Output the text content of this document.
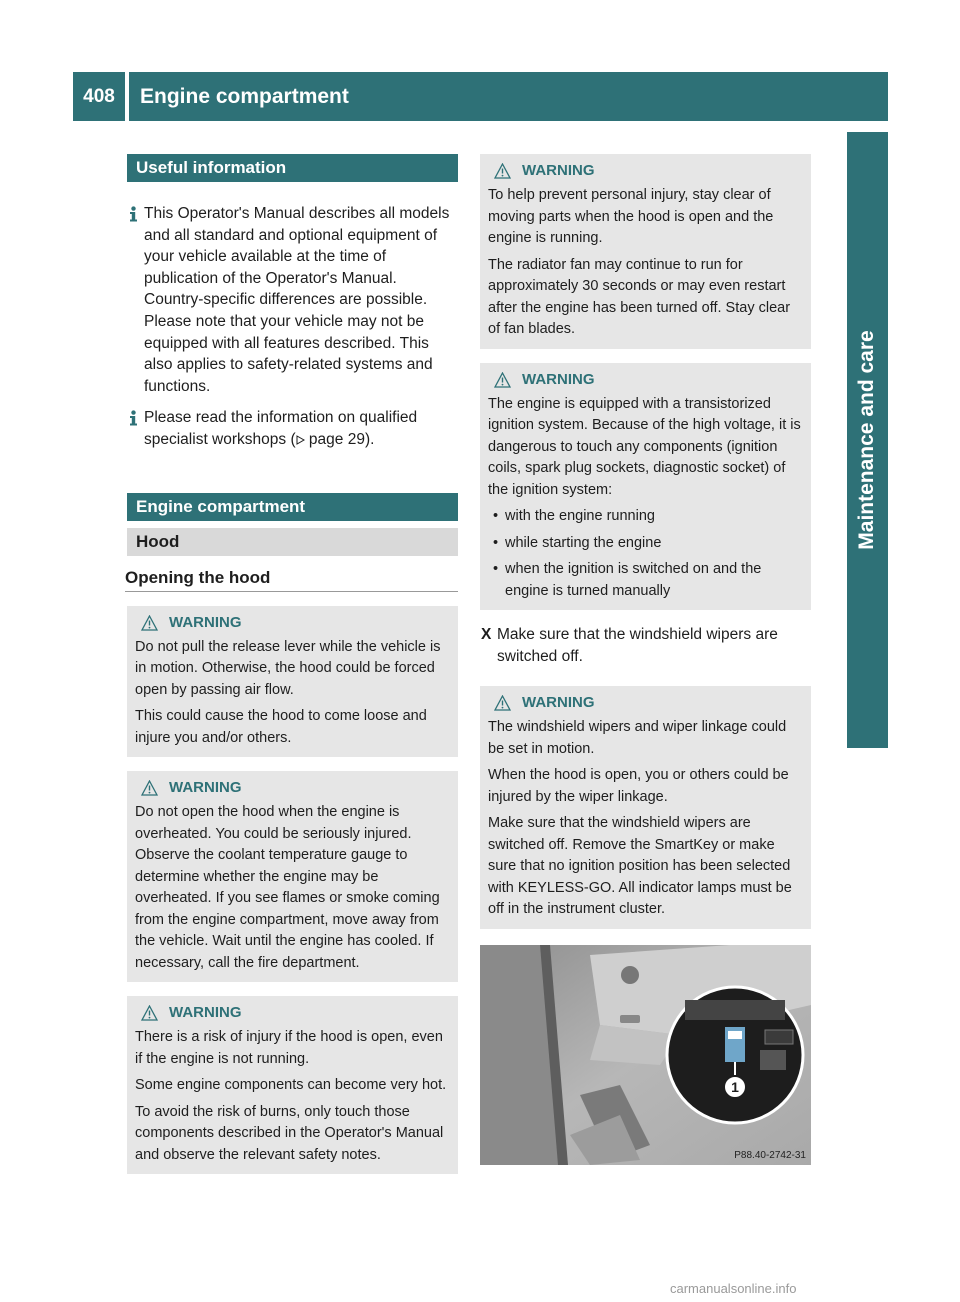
408	Engine compartment
Maintenance and care
Useful information

This Operator's Manual describes all models and all standard and optional equipment of your vehicle available at the time of publication of the Operator's Manual. Country-specific differences are possible. Please note that your vehicle may not be equipped with all features described. This also applies to safety-related systems and functions.

Please read the information on qualified specialist workshops ( page 29).

Engine compartment
Hood
Opening the hood
WARNING

Do not pull the release lever while the vehicle is in motion. Otherwise, the hood could be forced open by passing air flow.

This could cause the hood to come loose and injure you and/or others.

WARNING

Do not open the hood when the engine is overheated. You could be seriously injured. Observe the coolant temperature gauge to determine whether the engine may be overheated. If you see flames or smoke coming from the engine compartment, move away from the vehicle. Wait until the engine has cooled. If necessary, call the fire department.

WARNING

There is a risk of injury if the hood is open, even if the engine is not running.

Some engine components can become very hot.

To avoid the risk of burns, only touch those components described in the Operator's Manual and observe the relevant safety notes.

WARNING

To help prevent personal injury, stay clear of moving parts when the hood is open and the engine is running.

The radiator fan may continue to run for approximately 30 seconds or may even restart after the engine has been turned off. Stay clear of fan blades.

WARNING

The engine is equipped with a transistorized ignition system. Because of the high voltage, it is dangerous to touch any components (ignition coils, spark plug sockets, diagnostic socket) of the ignition system:

• with the engine running

• while starting the engine

• when the ignition is switched on and the engine is turned manually

X Make sure that the windshield wipers are switched off.
WARNING

The windshield wipers and wiper linkage could be set in motion.

When the hood is open, you or others could be injured by the wiper linkage.

Make sure that the windshield wipers are switched off. Remove the SmartKey or make sure that no ignition position has been selected with KEYLESS-GO. All indicator lamps must be off in the instrument cluster.

1
P88.40-2742-31
carmanualsonline.info
